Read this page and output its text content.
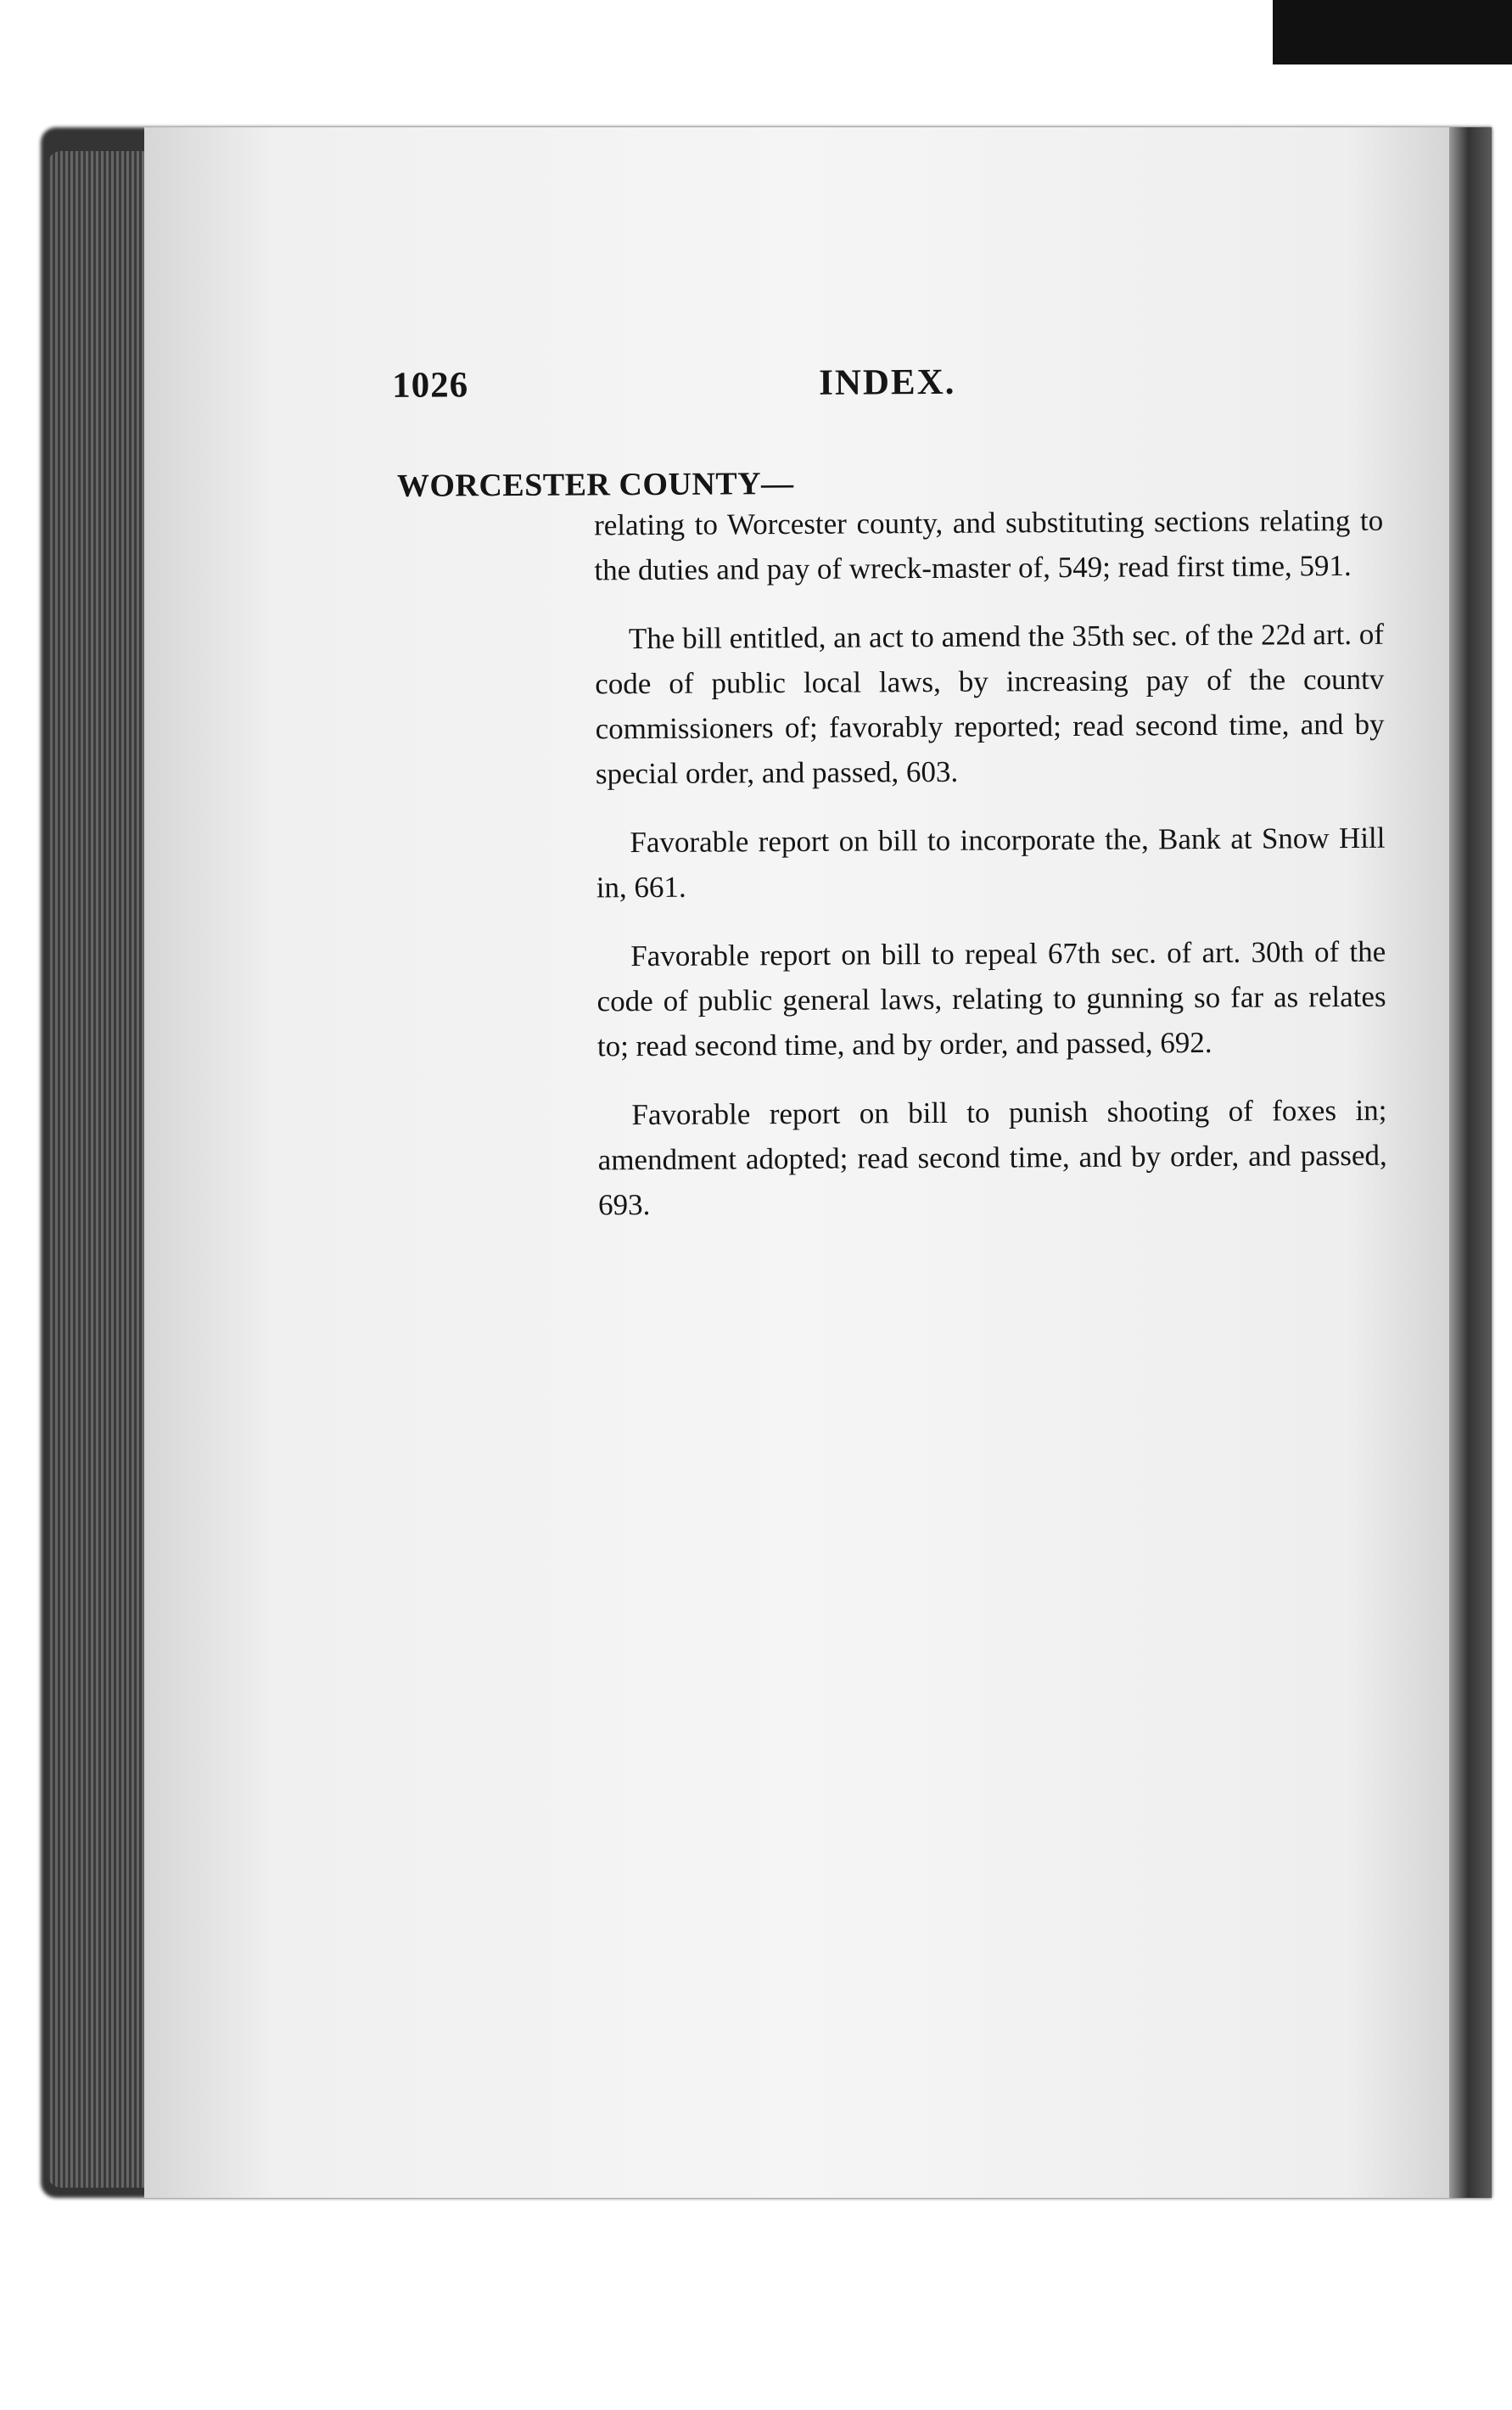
1026	INDEX.
WORCESTER COUNTY—

relating to Worcester county, and substituting sections relating to the duties and pay of wreck-master of, 549; read first time, 591.

The bill entitled, an act to amend the 35th sec. of the 22d art. of code of public local laws, by increasing pay of the countv commissioners of; favorably reported; read second time, and by special order, and passed, 603.

Favorable report on bill to incorporate the, Bank at Snow Hill in, 661.

Favorable report on bill to repeal 67th sec. of art. 30th of the code of public general laws, relating to gunning so far as relates to; read second time, and by order, and passed, 692.

Favorable report on bill to punish shooting of foxes in; amendment adopted; read second time, and by order, and passed, 693.
